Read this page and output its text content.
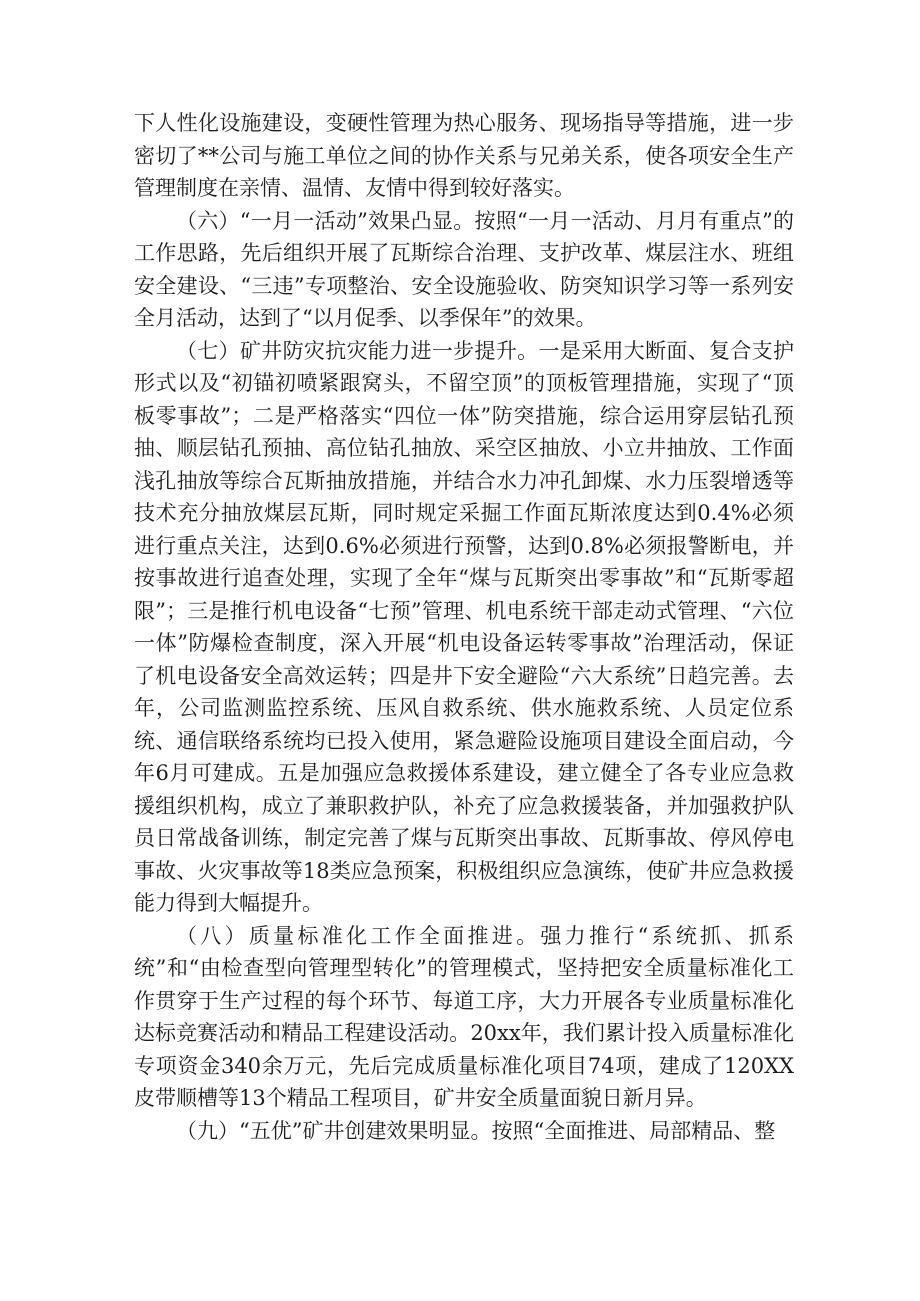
下人性化设施建设，变硬性管理为热心服务、现场指导等措施，进一步密切了**公司与施工单位之间的协作关系与兄弟关系，使各项安全生产管理制度在亲情、温情、友情中得到较好落实。

（六）“一月一活动”效果凸显。按照“一月一活动、月月有重点”的工作思路，先后组织开展了瓦斯综合治理、支护改革、煤层注水、班组安全建设、“三违”专项整治、安全设施验收、防突知识学习等一系列安全月活动，达到了“以月促季、以季保年”的效果。

（七）矿井防灾抗灾能力进一步提升。一是采用大断面、复合支护形式以及“初锚初喷紧跟窝头，不留空顶”的顶板管理措施，实现了“顶板零事故”；二是严格落实“四位一体”防突措施，综合运用穿层钻孔预抽、顺层钻孔预抽、高位钻孔抽放、采空区抽放、小立井抽放、工作面浅孔抽放等综合瓦斯抽放措施，并结合水力冲孔卸煤、水力压裂增透等技术充分抽放煤层瓦斯，同时规定采掘工作面瓦斯浓度达到0.4%必须进行重点关注，达到0.6%必须进行预警，达到0.8%必须报警断电，并按事故进行追查处理，实现了全年“煤与瓦斯突出零事故”和“瓦斯零超限”；三是推行机电设备“七预”管理、机电系统干部走动式管理、“六位一体”防爆检查制度，深入开展“机电设备运转零事故”治理活动，保证了机电设备安全高效运转；四是井下安全避险“六大系统”日趋完善。去年，公司监测监控系统、压风自救系统、供水施救系统、人员定位系统、通信联络系统均已投入使用，紧急避险设施项目建设全面启动，今年6月可建成。五是加强应急救援体系建设，建立健全了各专业应急救援组织机构，成立了兼职救护队，补充了应急救援装备，并加强救护队员日常战备训练，制定完善了煤与瓦斯突出事故、瓦斯事故、停风停电事故、火灾事故等18类应急预案，积极组织应急演练，使矿井应急救援能力得到大幅提升。

（八）质量标准化工作全面推进。强力推行“系统抓、抓系统”和“由检查型向管理型转化”的管理模式，坚持把安全质量标准化工作贯穿于生产过程的每个环节、每道工序，大力开展各专业质量标准化达标竞赛活动和精品工程建设活动。20xx年，我们累计投入质量标准化专项资金340余万元，先后完成质量标准化项目74项，建成了120XX皮带顺槽等13个精品工程项目，矿井安全质量面貌日新月异。

（九）“五优”矿井创建效果明显。按照“全面推进、局部精品、整
